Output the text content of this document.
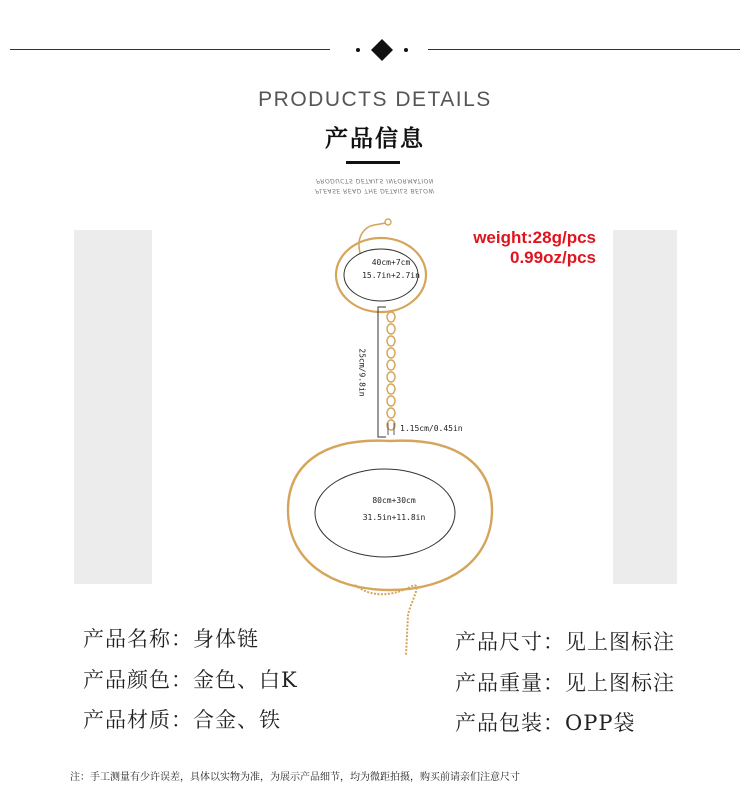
PRODUCTS DETAILS
产品信息
PRODUCTS DETAILS INFORMATION
PLEASE READ THE DETAILS BELOW
weight:28g/pcs
0.99oz/pcs
40cm+7cm
15.7in+2.7in
25cm/9.8in
1.15cm/0.45in
80cm+30cm
31.5in+11.8in
产品名称：身体链
产品颜色：金色、白K
产品材质：合金、铁
产品尺寸：见上图标注
产品重量：见上图标注
产品包装：OPP袋
注：手工测量有少许误差，具体以实物为准，为展示产品细节，均为微距拍摄，购买前请亲们注意尺寸
